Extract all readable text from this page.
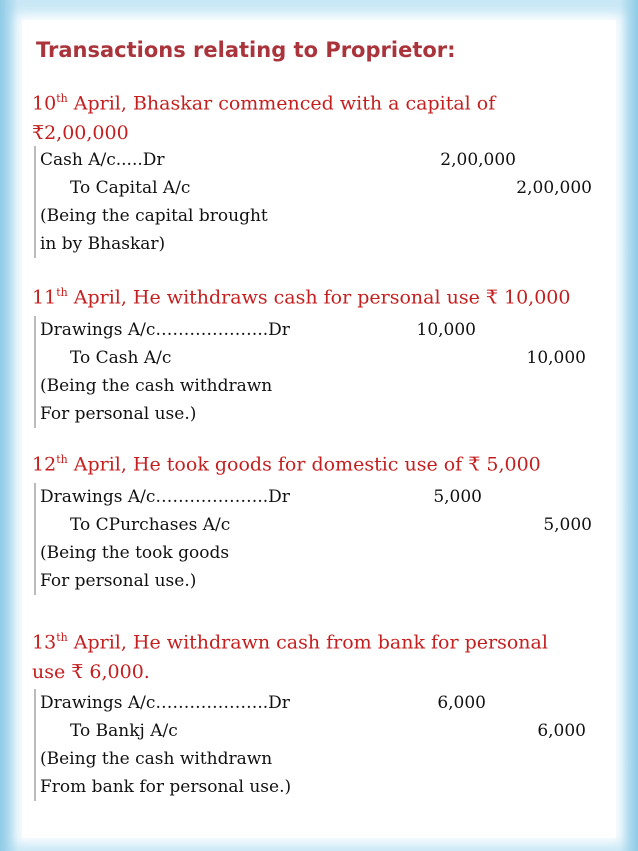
Transactions relating to Proprietor:

10th April, Bhaskar commenced with a capital of
₹2,00,000

Cash A/c.....Dr	2,00,000
To Capital A/c	2,00,000
(Being the capital brought
in by Bhaskar)

11th April, He withdraws cash for personal use ₹ 10,000

Drawings A/c………………..Dr	10,000
To Cash A/c	10,000
(Being the cash withdrawn
For personal use.)

12th April, He took goods for domestic use of ₹ 5,000

Drawings A/c………………..Dr	5,000
To CPurchases A/c	5,000
(Being the took goods
For personal use.)

13th April, He withdrawn cash from bank for personal
use ₹ 6,000.

Drawings A/c………………..Dr	6,000
To Bankj A/c	6,000
(Being the cash withdrawn
From bank for personal use.)
